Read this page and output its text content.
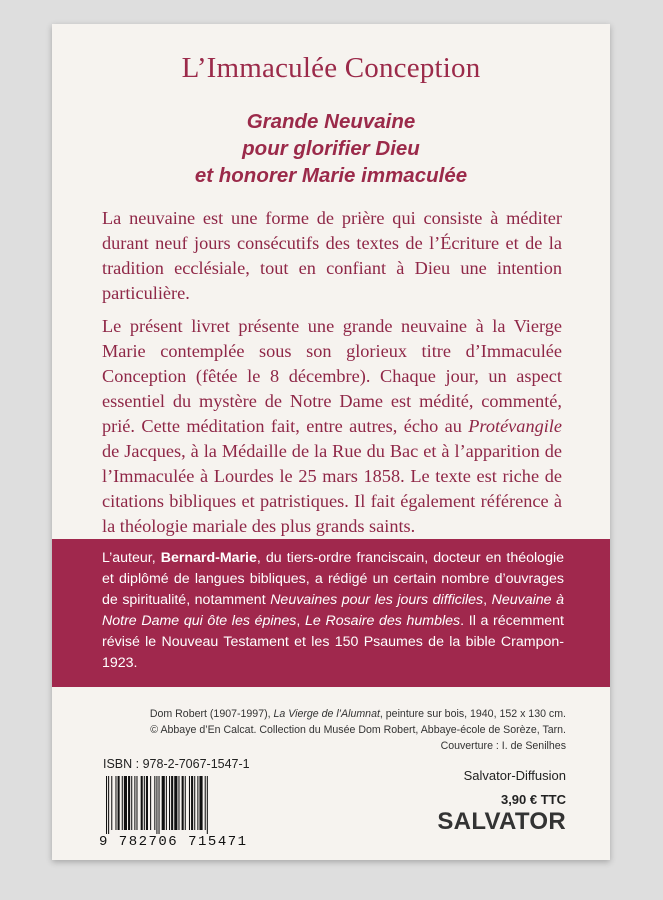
L’Immaculée Conception
Grande Neuvaine
pour glorifier Dieu
et honorer Marie immaculée
La neuvaine est une forme de prière qui consiste à méditer durant neuf jours consécutifs des textes de l’Écriture et de la tradition ecclésiale, tout en confiant à Dieu une intention particulière.
Le présent livret présente une grande neuvaine à la Vierge Marie contemplée sous son glorieux titre d’Immaculée Conception (fêtée le 8 décembre). Chaque jour, un aspect essentiel du mystère de Notre Dame est médité, commenté, prié. Cette méditation fait, entre autres, écho au Protévangile de Jacques, à la Médaille de la Rue du Bac et à l’apparition de l’Immaculée à Lourdes le 25 mars 1858. Le texte est riche de citations bibliques et patristiques. Il fait également référence à la théologie mariale des plus grands saints.
L’auteur, Bernard-Marie, du tiers-ordre franciscain, docteur en théologie et diplômé de langues bibliques, a rédigé un certain nombre d’ouvrages de spiritualité, notamment Neuvaines pour les jours difficiles, Neuvaine à Notre Dame qui ôte les épines, Le Rosaire des humbles. Il a récemment révisé le Nouveau Testament et les 150 Psaumes de la bible Crampon-1923.
Dom Robert (1907-1997), La Vierge de l’Alumnat, peinture sur bois, 1940, 152 x 130 cm.
© Abbaye d’En Calcat. Collection du Musée Dom Robert, Abbaye-école de Sorèze, Tarn.
Couverture : I. de Senilhes
ISBN : 978-2-7067-1547-1
9 782706 715471
Salvator-Diffusion
3,90 € TTC
SALVATOR
